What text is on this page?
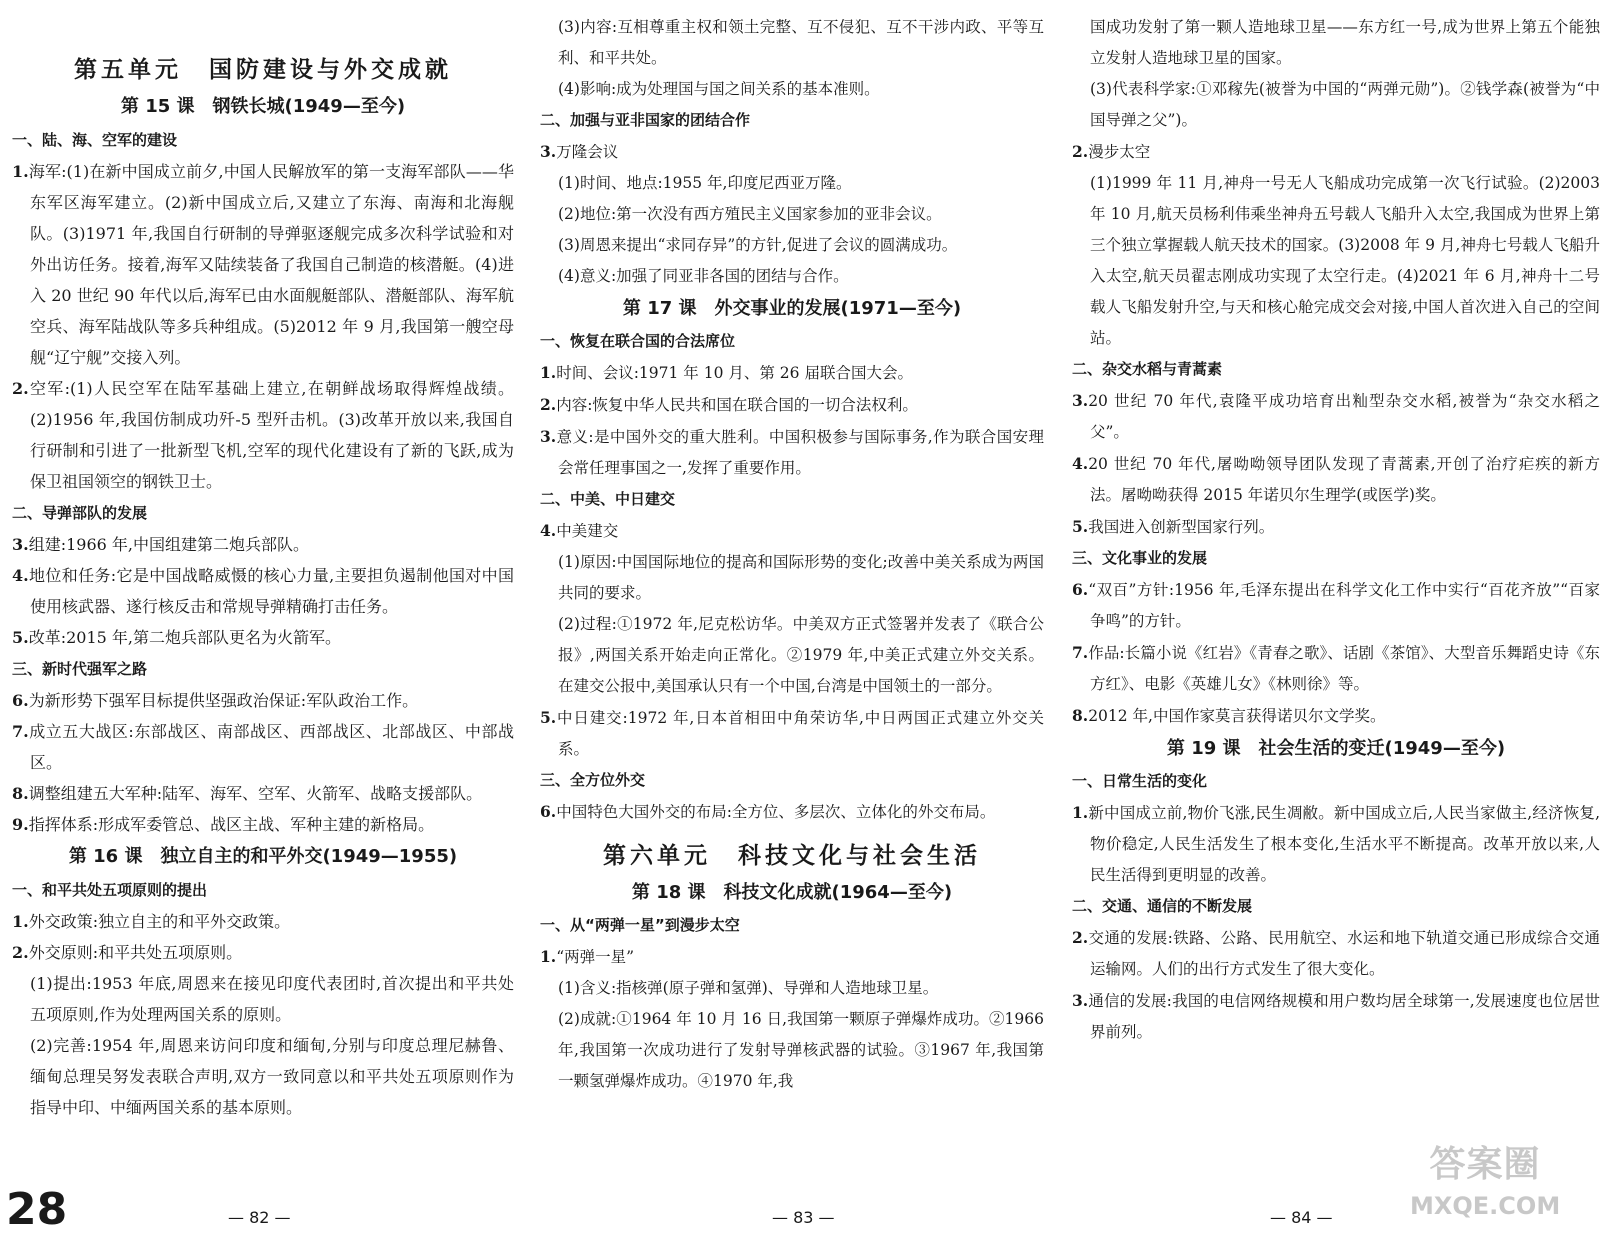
第五单元　国防建设与外交成就

第 15 课　钢铁长城(1949—至今)

一、陆、海、空军的建设

1.海军:(1)在新中国成立前夕,中国人民解放军的第一支海军部队——华东军区海军建立。(2)新中国成立后,又建立了东海、南海和北海舰队。(3)1971 年,我国自行研制的导弹驱逐舰完成多次科学试验和对外出访任务。接着,海军又陆续装备了我国自己制造的核潜艇。(4)进入 20 世纪 90 年代以后,海军已由水面舰艇部队、潜艇部队、海军航空兵、海军陆战队等多兵种组成。(5)2012 年 9 月,我国第一艘空母舰“辽宁舰”交接入列。

2.空军:(1)人民空军在陆军基础上建立,在朝鲜战场取得辉煌战绩。(2)1956 年,我国仿制成功歼-5 型歼击机。(3)改革开放以来,我国自行研制和引进了一批新型飞机,空军的现代化建设有了新的飞跃,成为保卫祖国领空的钢铁卫士。

二、导弹部队的发展

3.组建:1966 年,中国组建第二炮兵部队。

4.地位和任务:它是中国战略威慑的核心力量,主要担负遏制他国对中国使用核武器、遂行核反击和常规导弹精确打击任务。

5.改革:2015 年,第二炮兵部队更名为火箭军。

三、新时代强军之路

6.为新形势下强军目标提供坚强政治保证:军队政治工作。

7.成立五大战区:东部战区、南部战区、西部战区、北部战区、中部战区。

8.调整组建五大军种:陆军、海军、空军、火箭军、战略支援部队。

9.指挥体系:形成军委管总、战区主战、军种主建的新格局。

第 16 课　独立自主的和平外交(1949—1955)

一、和平共处五项原则的提出

1.外交政策:独立自主的和平外交政策。

2.外交原则:和平共处五项原则。

(1)提出:1953 年底,周恩来在接见印度代表团时,首次提出和平共处五项原则,作为处理两国关系的原则。

(2)完善:1954 年,周恩来访问印度和缅甸,分别与印度总理尼赫鲁、缅甸总理吴努发表联合声明,双方一致同意以和平共处五项原则作为指导中印、中缅两国关系的基本原则。

(3)内容:互相尊重主权和领土完整、互不侵犯、互不干涉内政、平等互利、和平共处。

(4)影响:成为处理国与国之间关系的基本准则。

二、加强与亚非国家的团结合作

3.万隆会议

(1)时间、地点:1955 年,印度尼西亚万隆。

(2)地位:第一次没有西方殖民主义国家参加的亚非会议。

(3)周恩来提出“求同存异”的方针,促进了会议的圆满成功。

(4)意义:加强了同亚非各国的团结与合作。

第 17 课　外交事业的发展(1971—至今)

一、恢复在联合国的合法席位

1.时间、会议:1971 年 10 月、第 26 届联合国大会。

2.内容:恢复中华人民共和国在联合国的一切合法权利。

3.意义:是中国外交的重大胜利。中国积极参与国际事务,作为联合国安理会常任理事国之一,发挥了重要作用。

二、中美、中日建交

4.中美建交

(1)原因:中国国际地位的提高和国际形势的变化;改善中美关系成为两国共同的要求。

(2)过程:①1972 年,尼克松访华。中美双方正式签署并发表了《联合公报》,两国关系开始走向正常化。②1979 年,中美正式建立外交关系。在建交公报中,美国承认只有一个中国,台湾是中国领土的一部分。

5.中日建交:1972 年,日本首相田中角荣访华,中日两国正式建立外交关系。

三、全方位外交

6.中国特色大国外交的布局:全方位、多层次、立体化的外交布局。

第六单元　科技文化与社会生活

第 18 课　科技文化成就(1964—至今)

一、从“两弹一星”到漫步太空

1.“两弹一星”

(1)含义:指核弹(原子弹和氢弹)、导弹和人造地球卫星。

(2)成就:①1964 年 10 月 16 日,我国第一颗原子弹爆炸成功。②1966 年,我国第一次成功进行了发射导弹核武器的试验。③1967 年,我国第一颗氢弹爆炸成功。④1970 年,我

国成功发射了第一颗人造地球卫星——东方红一号,成为世界上第五个能独立发射人造地球卫星的国家。

(3)代表科学家:①邓稼先(被誉为中国的“两弹元勋”)。②钱学森(被誉为“中国导弹之父”)。

2.漫步太空

(1)1999 年 11 月,神舟一号无人飞船成功完成第一次飞行试验。(2)2003 年 10 月,航天员杨利伟乘坐神舟五号载人飞船升入太空,我国成为世界上第三个独立掌握载人航天技术的国家。(3)2008 年 9 月,神舟七号载人飞船升入太空,航天员翟志刚成功实现了太空行走。(4)2021 年 6 月,神舟十二号载人飞船发射升空,与天和核心舱完成交会对接,中国人首次进入自己的空间站。

二、杂交水稻与青蒿素

3.20 世纪 70 年代,袁隆平成功培育出籼型杂交水稻,被誉为“杂交水稻之父”。

4.20 世纪 70 年代,屠呦呦领导团队发现了青蒿素,开创了治疗疟疾的新方法。屠呦呦获得 2015 年诺贝尔生理学(或医学)奖。

5.我国进入创新型国家行列。

三、文化事业的发展

6.“双百”方针:1956 年,毛泽东提出在科学文化工作中实行“百花齐放”“百家争鸣”的方针。

7.作品:长篇小说《红岩》《青春之歌》、话剧《茶馆》、大型音乐舞蹈史诗《东方红》、电影《英雄儿女》《林则徐》等。

8.2012 年,中国作家莫言获得诺贝尔文学奖。

第 19 课　社会生活的变迁(1949—至今)

一、日常生活的变化

1.新中国成立前,物价飞涨,民生凋敝。新中国成立后,人民当家做主,经济恢复,物价稳定,人民生活发生了根本变化,生活水平不断提高。改革开放以来,人民生活得到更明显的改善。

二、交通、通信的不断发展

2.交通的发展:铁路、公路、民用航空、水运和地下轨道交通已形成综合交通运输网。人们的出行方式发生了很大变化。

3.通信的发展:我国的电信网络规模和用户数均居全球第一,发展速度也位居世界前列。

28	— 82 —	— 83 —	— 84 —
答案圈
MXQE.COM
